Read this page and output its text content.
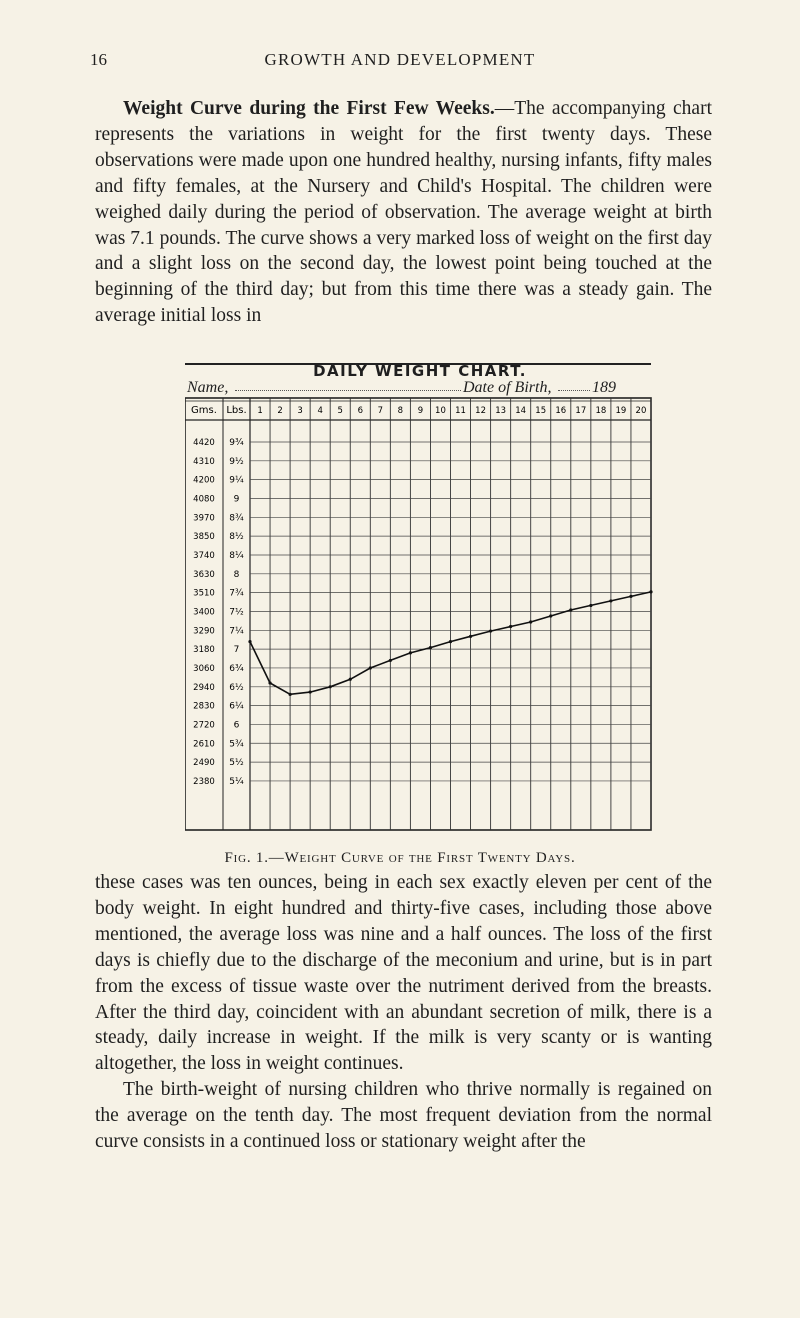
16	GROWTH AND DEVELOPMENT
Weight Curve during the First Few Weeks.—The accompanying chart represents the variations in weight for the first twenty days. These observations were made upon one hundred healthy, nursing infants, fifty males and fifty females, at the Nursery and Child's Hospital. The children were weighed daily during the period of observation. The average weight at birth was 7.1 pounds. The curve shows a very marked loss of weight on the first day and a slight loss on the second day, the lowest point being touched at the beginning of the third day; but from this time there was a steady gain. The average initial loss in
DAILY WEIGHT CHART.
Name,	Date of Birth,	189
Gms. Lbs. 1 2 3 4 5 6 7 8 9 10 11 12 13 14 15 16 17 18 19 20
4420 9¾
4310 9½
4200 9¼
4080 9
3970 8¾
3850 8½
3740 8¼
3630 8
3510 7¾
3400 7½
3290 7¼
3180 7
3060 6¾
2940 6½
2830 6¼
2720 6
2610 5¾
2490 5½
2380 5¼
Fig. 1.—Weight Curve of the First Twenty Days.

these cases was ten ounces, being in each sex exactly eleven per cent of the body weight. In eight hundred and thirty-five cases, including those above mentioned, the average loss was nine and a half ounces. The loss of the first days is chiefly due to the discharge of the meconium and urine, but is in part from the excess of tissue waste over the nutriment derived from the breasts. After the third day, coincident with an abundant secretion of milk, there is a steady, daily increase in weight. If the milk is very scanty or is wanting altogether, the loss in weight continues.

The birth-weight of nursing children who thrive normally is regained on the average on the tenth day. The most frequent deviation from the normal curve consists in a continued loss or stationary weight after the
